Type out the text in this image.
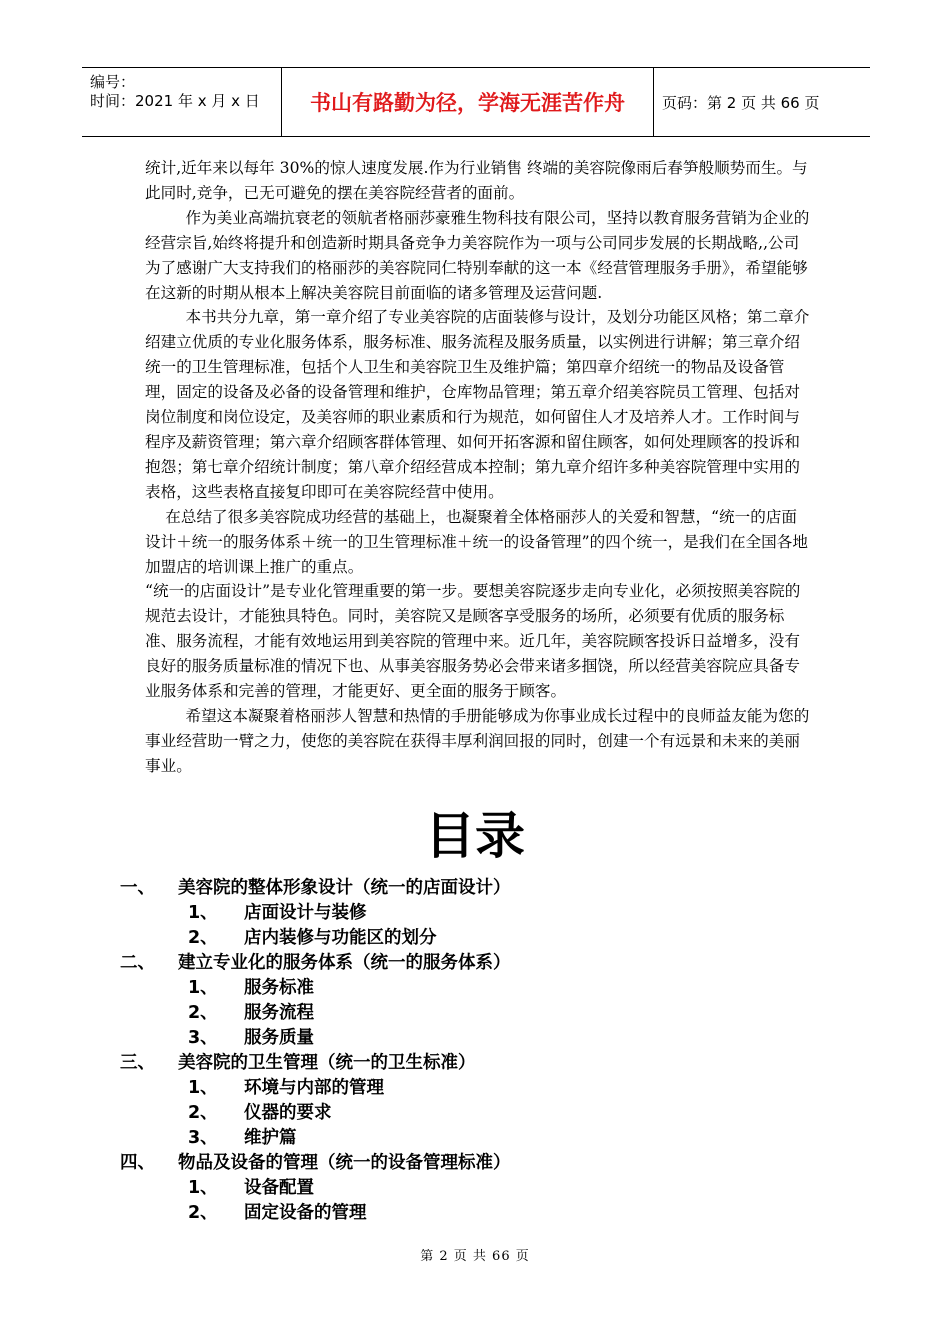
编号：
时间：2021 年 x 月 x 日	书山有路勤为径，学海无涯苦作舟 页码：第 2 页 共 66 页

统计,近年来以每年 30%的惊人速度发展.作为行业销售 终端的美容院像雨后春笋般顺势而生。与此同时,竞争，已无可避免的摆在美容院经营者的面前。

作为美业高端抗衰老的领航者格丽莎豪雅生物科技有限公司，坚持以教育服务营销为企业的经营宗旨,始终将提升和创造新时期具备竞争力美容院作为一项与公司同步发展的长期战略,,公司为了感谢广大支持我们的格丽莎的美容院同仁特别奉献的这一本《经营管理服务手册》，希望能够在这新的时期从根本上解决美容院目前面临的诸多管理及运营问题.

本书共分九章，第一章介绍了专业美容院的店面装修与设计，及划分功能区风格；第二章介绍建立优质的专业化服务体系，服务标准、服务流程及服务质量，以实例进行讲解；第三章介绍统一的卫生管理标准，包括个人卫生和美容院卫生及维护篇；第四章介绍统一的物品及设备管理，固定的设备及必备的设备管理和维护，仓库物品管理；第五章介绍美容院员工管理、包括对岗位制度和岗位设定，及美容师的职业素质和行为规范，如何留住人才及培养人才。工作时间与程序及薪资管理；第六章介绍顾客群体管理、如何开拓客源和留住顾客，如何处理顾客的投诉和抱怨；第七章介绍统计制度；第八章介绍经营成本控制；第九章介绍许多种美容院管理中实用的表格，这些表格直接复印即可在美容院经营中使用。

在总结了很多美容院成功经营的基础上，也凝聚着全体格丽莎人的关爱和智慧，“统一的店面设计＋统一的服务体系＋统一的卫生管理标准＋统一的设备管理”的四个统一，是我们在全国各地加盟店的培训课上推广的重点。

“统一的店面设计”是专业化管理重要的第一步。要想美容院逐步走向专业化，必须按照美容院的规范去设计，才能独具特色。同时，美容院又是顾客享受服务的场所，必须要有优质的服务标准、服务流程，才能有效地运用到美容院的管理中来。近几年，美容院顾客投诉日益增多，没有良好的服务质量标准的情况下也、从事美容服务势必会带来诸多掴饶，所以经营美容院应具备专业服务体系和完善的管理，才能更好、更全面的服务于顾客。

希望这本凝聚着格丽莎人智慧和热情的手册能够成为你事业成长过程中的良师益友能为您的事业经营助一臂之力，使您的美容院在获得丰厚利润回报的同时，创建一个有远景和未来的美丽事业。

目录
一、 美容院的整体形象设计（统一的店面设计）
1、 店面设计与装修
2、 店内装修与功能区的划分
二、 建立专业化的服务体系（统一的服务体系）
1、 服务标准
2、 服务流程
3、 服务质量
三、 美容院的卫生管理（统一的卫生标准）
1、 环境与内部的管理
2、 仪器的要求
3、 维护篇
四、 物品及设备的管理（统一的设备管理标准）
1、 设备配置
2、 固定设备的管理
第 2 页 共 66 页
